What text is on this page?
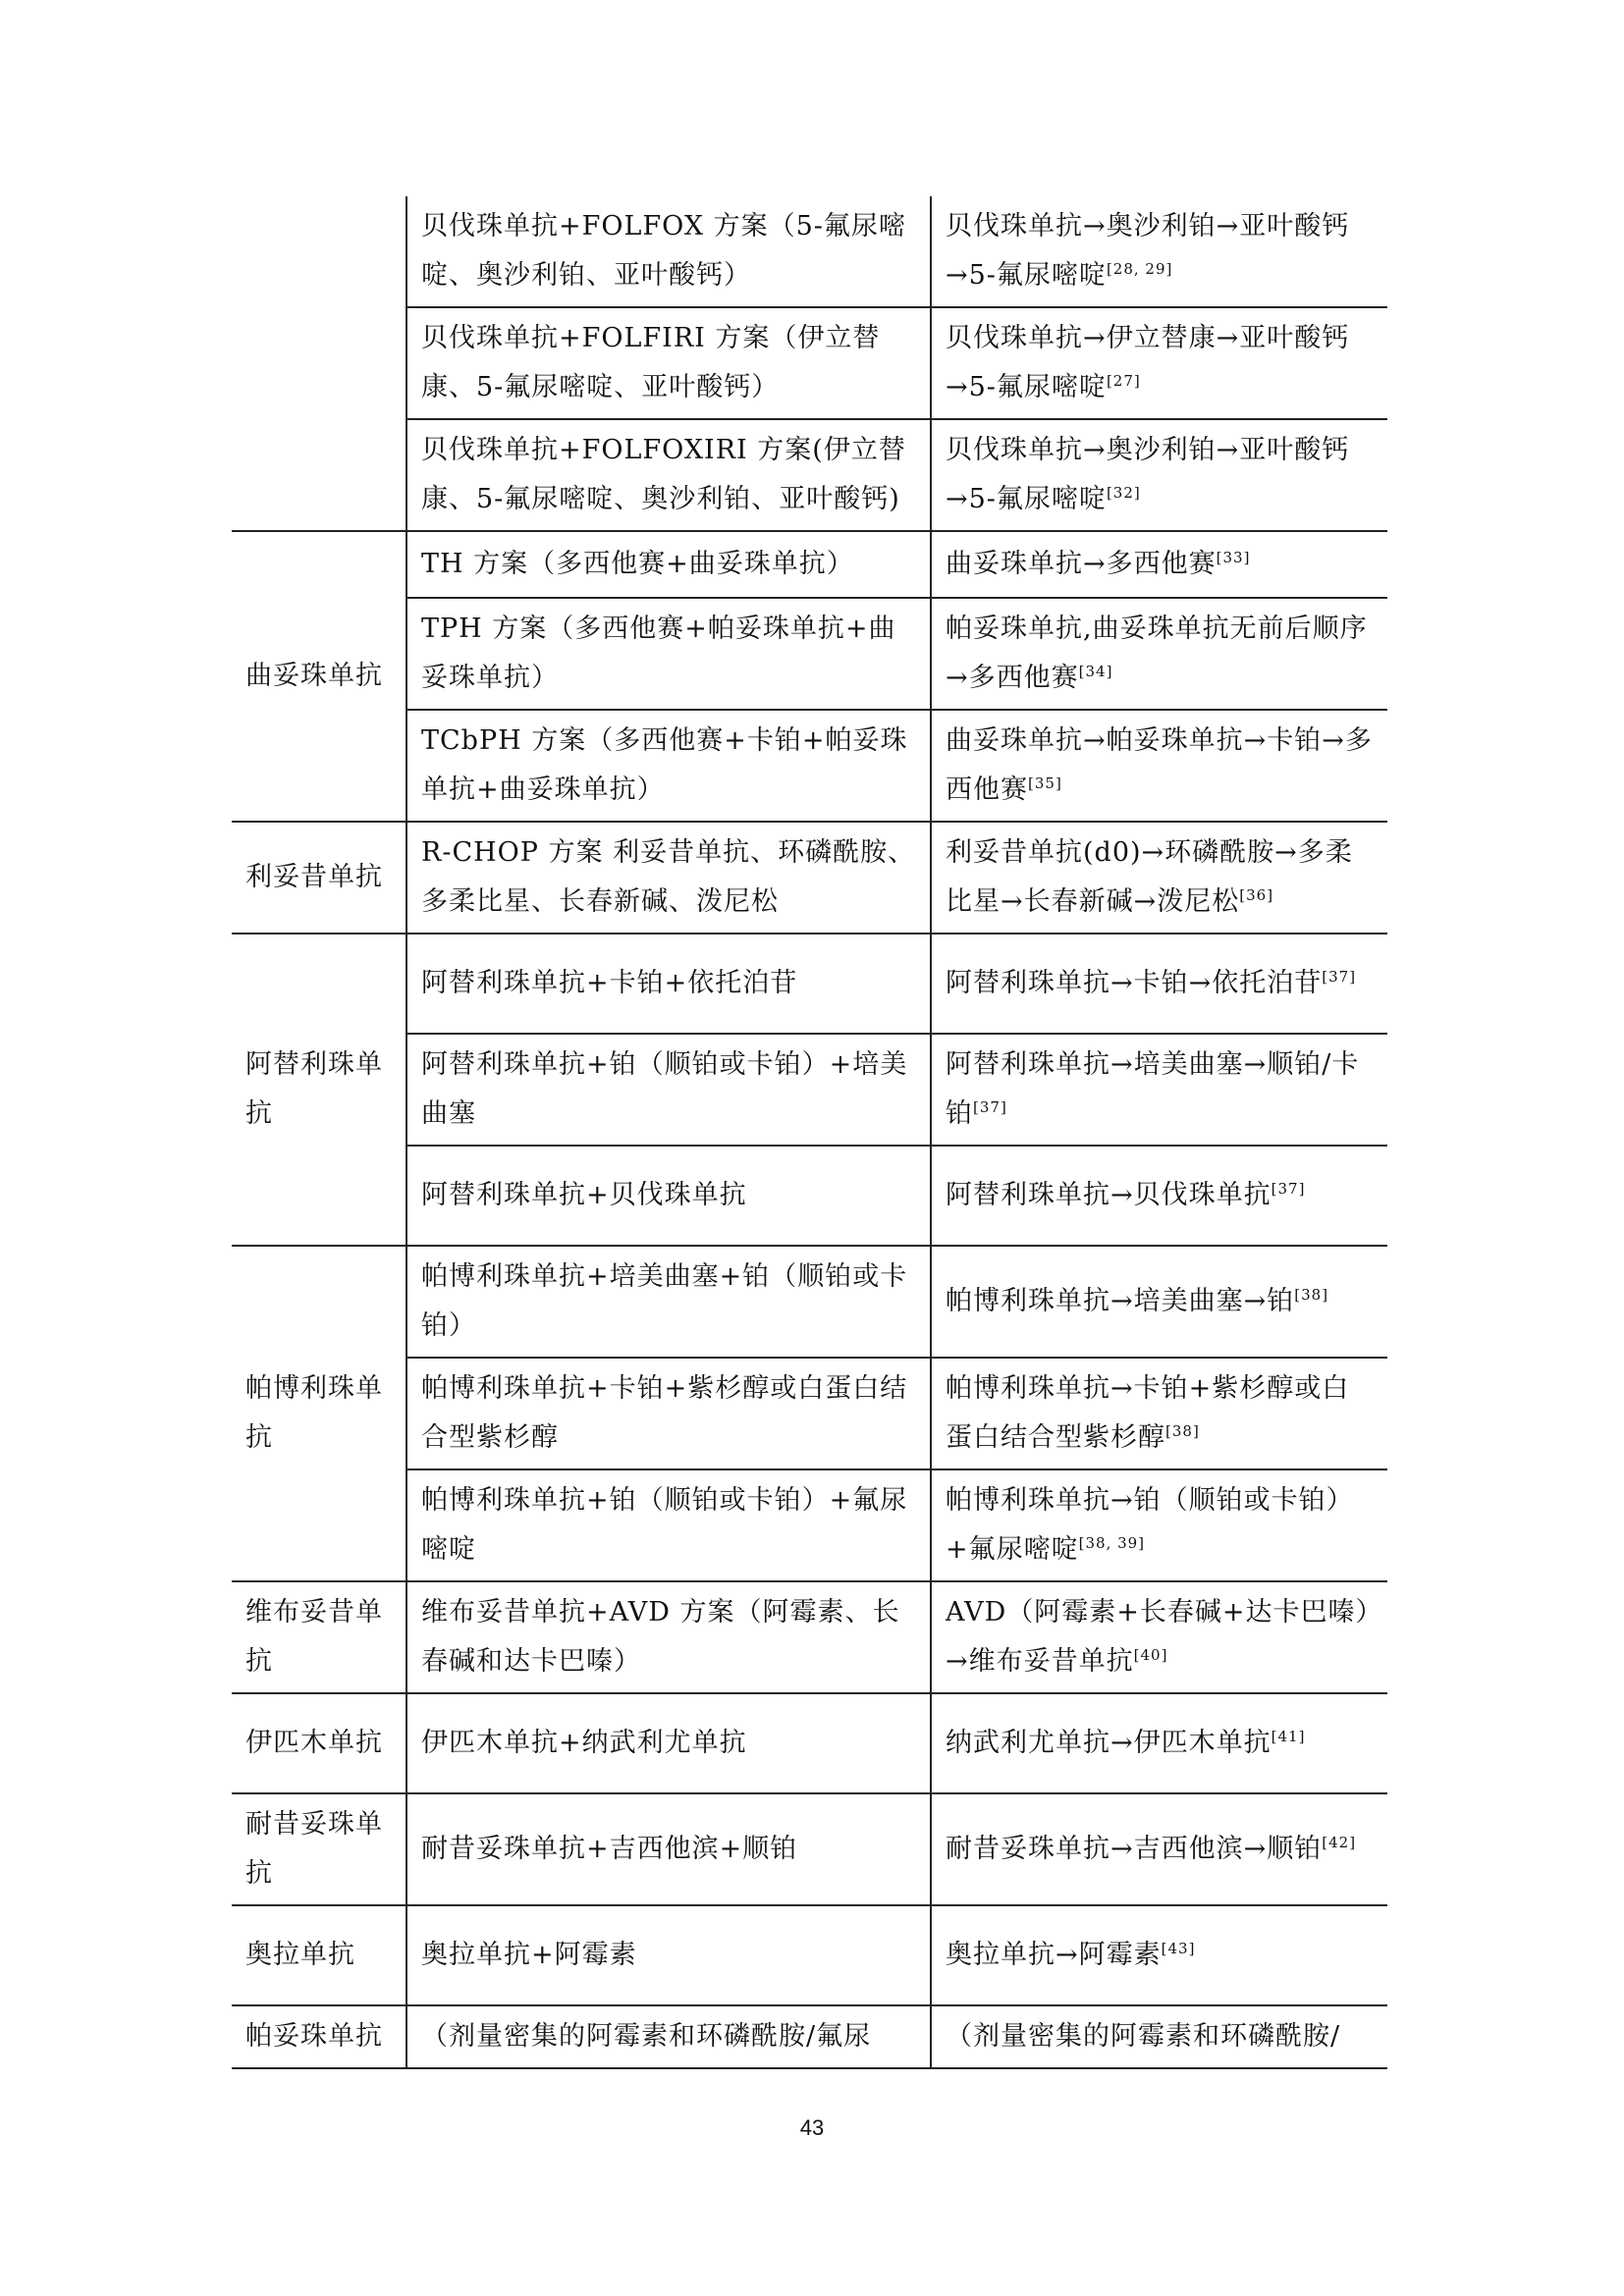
	贝伐珠单抗+FOLFOX 方案（5-氟尿嘧啶、奥沙利铂、亚叶酸钙）	贝伐珠单抗→奥沙利铂→亚叶酸钙→5-氟尿嘧啶[28, 29]
	贝伐珠单抗+FOLFIRI 方案（伊立替康、5-氟尿嘧啶、亚叶酸钙）	贝伐珠单抗→伊立替康→亚叶酸钙→5-氟尿嘧啶[27]
	贝伐珠单抗+FOLFOXIRI 方案(伊立替康、5-氟尿嘧啶、奥沙利铂、亚叶酸钙)	贝伐珠单抗→奥沙利铂→亚叶酸钙→5-氟尿嘧啶[32]
曲妥珠单抗	TH 方案（多西他赛+曲妥珠单抗）	曲妥珠单抗→多西他赛[33]
	TPH 方案（多西他赛+帕妥珠单抗+曲妥珠单抗）	帕妥珠单抗,曲妥珠单抗无前后顺序→多西他赛[34]
	TCbPH 方案（多西他赛+卡铂+帕妥珠单抗+曲妥珠单抗）	曲妥珠单抗→帕妥珠单抗→卡铂→多西他赛[35]
利妥昔单抗	R-CHOP 方案 利妥昔单抗、环磷酰胺、多柔比星、长春新碱、泼尼松	利妥昔单抗(d0)→环磷酰胺→多柔比星→长春新碱→泼尼松[36]
阿替利珠单抗	阿替利珠单抗+卡铂+依托泊苷	阿替利珠单抗→卡铂→依托泊苷[37]
	阿替利珠单抗+铂（顺铂或卡铂）+培美曲塞	阿替利珠单抗→培美曲塞→顺铂/卡铂[37]
	阿替利珠单抗+贝伐珠单抗	阿替利珠单抗→贝伐珠单抗[37]
帕博利珠单抗	帕博利珠单抗+培美曲塞+铂（顺铂或卡铂）	帕博利珠单抗→培美曲塞→铂[38]
	帕博利珠单抗+卡铂+紫杉醇或白蛋白结合型紫杉醇	帕博利珠单抗→卡铂+紫杉醇或白蛋白结合型紫杉醇[38]
	帕博利珠单抗+铂（顺铂或卡铂）+氟尿嘧啶	帕博利珠单抗→铂（顺铂或卡铂）+氟尿嘧啶[38, 39]
维布妥昔单抗	维布妥昔单抗+AVD 方案（阿霉素、长春碱和达卡巴嗪）	AVD（阿霉素+长春碱+达卡巴嗪）→维布妥昔单抗[40]
伊匹木单抗	伊匹木单抗+纳武利尤单抗	纳武利尤单抗→伊匹木单抗[41]
耐昔妥珠单抗	耐昔妥珠单抗+吉西他滨+顺铂	耐昔妥珠单抗→吉西他滨→顺铂[42]
奥拉单抗	奥拉单抗+阿霉素	奥拉单抗→阿霉素[43]
帕妥珠单抗	（剂量密集的阿霉素和环磷酰胺/氟尿	（剂量密集的阿霉素和环磷酰胺/
43
